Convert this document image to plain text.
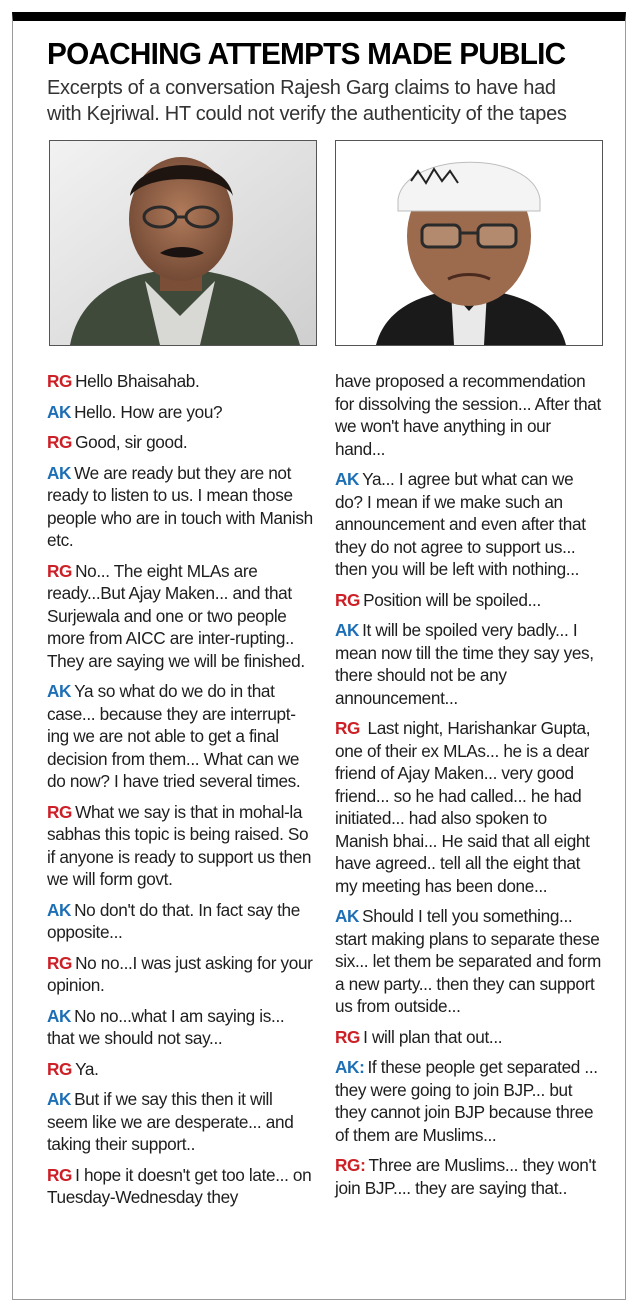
POACHING ATTEMPTS MADE PUBLIC
Excerpts of a conversation Rajesh Garg claims to have had
with Kejriwal. HT could not verify the authenticity of the tapes
RG Hello Bhaisahab.
AK Hello. How are you?
RG Good, sir good.
AK We are ready but they are not ready to listen to us. I mean those people who are in touch with Manish etc.
RG No... The eight MLAs are ready...But Ajay Maken... and that Surjewala and one or two people more from AICC are inter-rupting.. They are saying we will be finished.
AK Ya so what do we do in that case... because they are interrupt-ing we are not able to get a final decision from them... What can we do now? I have tried several times.
RG What we say is that in mohal-la sabhas this topic is being raised. So if anyone is ready to support us then we will form govt.
AK No don't do that. In fact say the opposite...
RG No no...I was just asking for your opinion.
AK No no...what I am saying is... that we should not say...
RG Ya.
AK But if we say this then it will seem like we are desperate... and taking their support..
RG I hope it doesn't get too late... on Tuesday-Wednesday they
have proposed a recommendation for dissolving the session... After that we won't have anything in our hand...
AK Ya... I agree but what can we do? I mean if we make such an announcement and even after that they do not agree to support us... then you will be left with nothing...
RG Position will be spoiled...
AK It will be spoiled very badly... I mean now till the time they say yes, there should not be any announcement...
RG Last night, Harishankar Gupta, one of their ex MLAs... he is a dear friend of Ajay Maken... very good friend... so he had called... he had initiated... had also spoken to Manish bhai... He said that all eight have agreed.. tell all the eight that my meeting has been done...
AK Should I tell you something... start making plans to separate these six... let them be separated and form a new party... then they can support us from outside...
RG I will plan that out...
AK: If these people get separated ... they were going to join BJP... but they cannot join BJP because three of them are Muslims...
RG: Three are Muslims... they won't join BJP.... they are saying that..
